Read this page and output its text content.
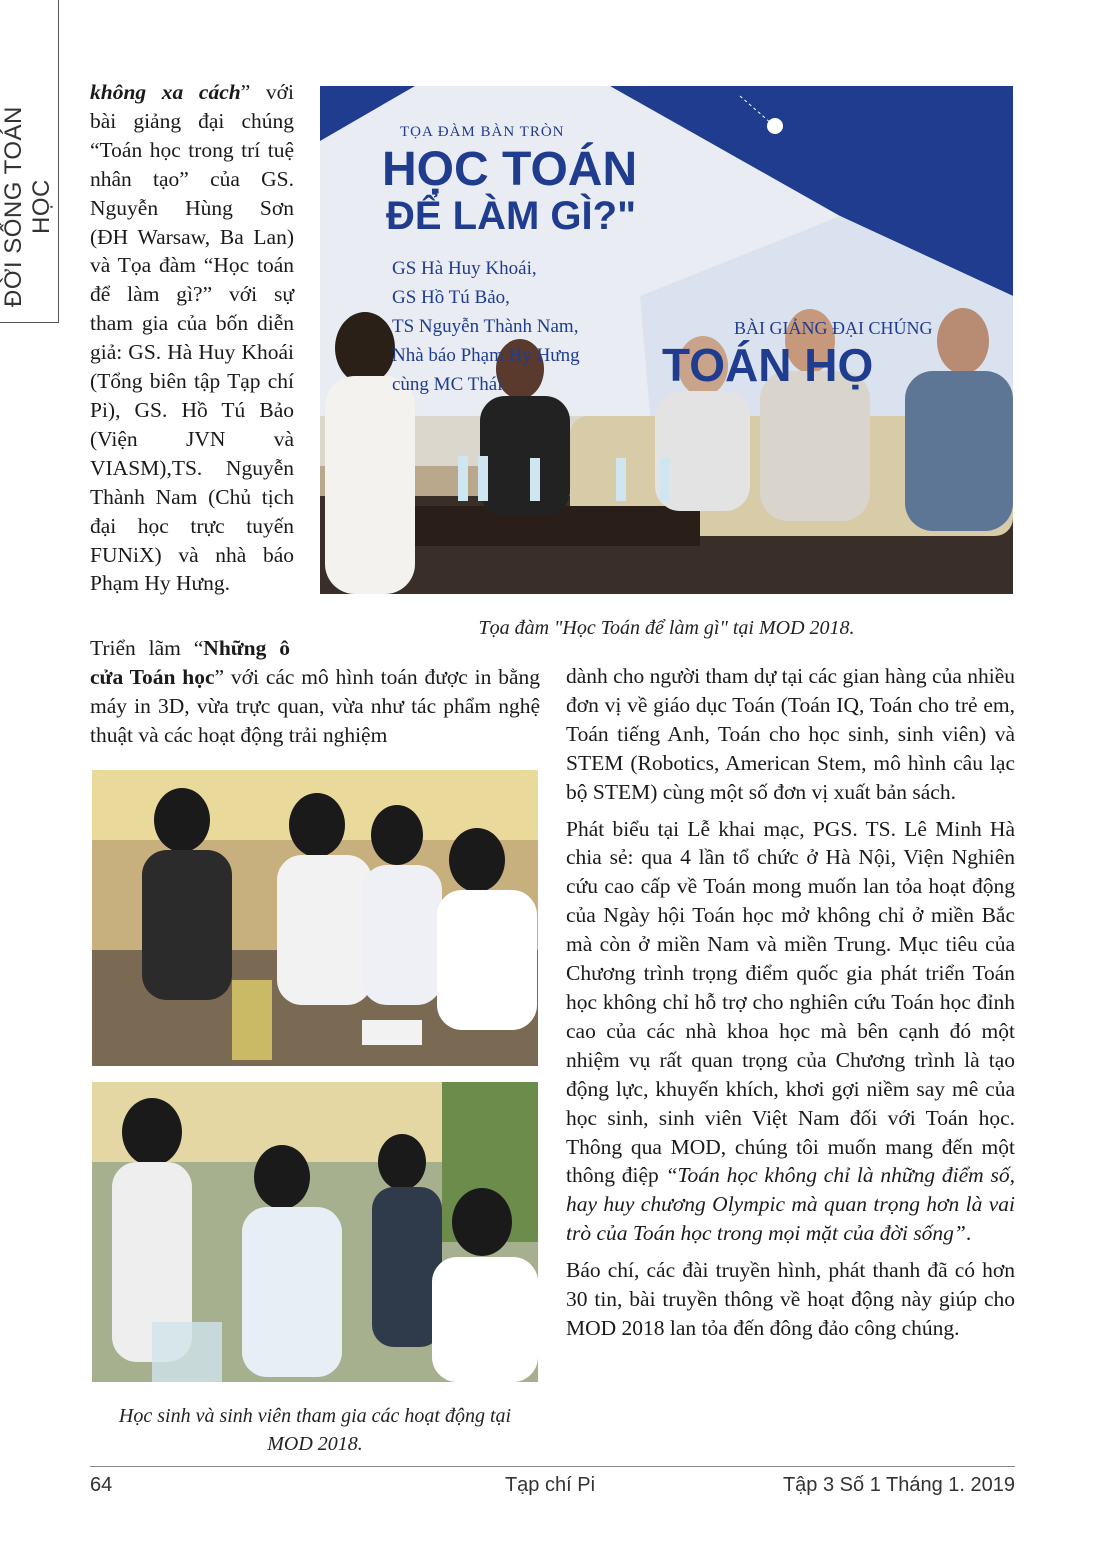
ĐỜI SỐNG TOÁN HỌC

không xa cách” với bài giảng đại chúng “Toán học trong trí tuệ nhân tạo” của GS. Nguyễn Hùng Sơn (ĐH Warsaw, Ba Lan) và Tọa đàm “Học toán để làm gì?” với sự tham gia của bốn diễn giả: GS. Hà Huy Khoái (Tổng biên tập Tạp chí Pi), GS. Hồ Tú Bảo (Viện JVN và VIASM),TS. Nguyễn Thành Nam (Chủ tịch đại học trực tuyến FUNiX) và nhà báo Phạm Hy Hưng.

Triển lãm “Những ôcửa Toán học” với các mô hình toán được in bằng máy in 3D, vừa trực quan, vừa như tác phẩm nghệ thuật và các hoạt động trải nghiệm

TỌA ĐÀM BÀN TRÒN
HỌC TOÁN
ĐỂ LÀM GÌ?"
GS Hà Huy Khoái,
GS Hồ Tú Bảo,
TS Nguyễn Thành Nam,
Nhà báo Phạm Hy Hưng
cùng MC Thái
BÀI GIẢNG ĐẠI CHÚNG
TOÁN HỌ
Tọa đàm "Học Toán để làm gì" tại MOD 2018.
Học sinh và sinh viên tham gia các hoạt động tại
MOD 2018.

dành cho người tham dự tại các gian hàng của nhiều đơn vị về giáo dục Toán (Toán IQ, Toán cho trẻ em, Toán tiếng Anh, Toán cho học sinh, sinh viên) và STEM (Robotics, American Stem, mô hình câu lạc bộ STEM) cùng một số đơn vị xuất bản sách.

Phát biểu tại Lễ khai mạc, PGS. TS. Lê Minh Hà chia sẻ: qua 4 lần tổ chức ở Hà Nội, Viện Nghiên cứu cao cấp về Toán mong muốn lan tỏa hoạt động của Ngày hội Toán học mở không chỉ ở miền Bắc mà còn ở miền Nam và miền Trung. Mục tiêu của Chương trình trọng điểm quốc gia phát triển Toán học không chỉ hỗ trợ cho nghiên cứu Toán học đỉnh cao của các nhà khoa học mà bên cạnh đó một nhiệm vụ rất quan trọng của Chương trình là tạo động lực, khuyến khích, khơi gợi niềm say mê của học sinh, sinh viên Việt Nam đối với Toán học. Thông qua MOD, chúng tôi muốn mang đến một thông điệp “Toán học không chỉ là những điểm số, hay huy chương Olympic mà quan trọng hơn là vai trò của Toán học trong mọi mặt của đời sống”.

Báo chí, các đài truyền hình, phát thanh đã có hơn 30 tin, bài truyền thông về hoạt động này giúp cho MOD 2018 lan tỏa đến đông đảo công chúng.

64	Tạp chí Pi	Tập 3 Số 1 Tháng 1. 2019
